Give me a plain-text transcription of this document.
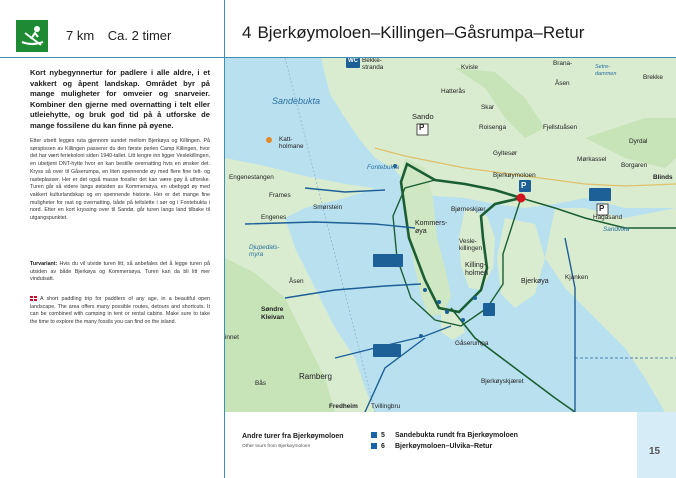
7 km Ca. 2 timer
Kort nybegynnertur for padlere i alle aldre, i et vakkert og åpent landskap. Området byr på mange muligheter for omveier og snarveier. Kombiner den gjerne med overnatting i telt eller utleiehytte, og bruk god tid på å utforske de mange fossilene du kan finne på øyene.
Etter utsett legges ruta gjennom sundet mellom Bjerkøya og Killingen. På sørspissen av Killingen passerer du den første perlen Camp Killingen, hvor det har vært feriekoloni siden 1940-tallet. Litt lengre inn ligger Veslekillingen, en ubetjent DNT-hytte hvor en kan bestille overnatting hvis en ønsker det. Kryss så over til Gåserumpa, en liten spennende øy med flere fine telt- og rasteplasser. Her er det også masse fossiler det kan være gøy å utforske. Turen går så videre langs østsiden av Kommersøya, en ubebygd øy med vakkert kulturlandskap og en spennende historie. Her er det mange fine muligheter for rast og overnatting, både på teltslette i sør og i Fontebukta i nord. Etter en kort kryssing over til Sandø, går turen langs land tilbake til utgangspunktet.
Turvariant: Hvis du vil utvide turen litt, så anbefales det å legge turen på utsiden av både Bjerkøya og Kommersøya. Turen kan da bli litt mer vindutsatt.
A short paddling trip for paddlers of any age, in a beautiful open landscape. The area offers many possible routes, detours and shortcuts. It can be combined with camping in tent or rental cabins. Make sure to take the time to explore the many fossils you can find on the island.
4 Bjerkøymoloen–Killingen–Gåsrumpa–Retur
WC Bekke-
stranda
Sandebukta
Kvisle
Brana-	Setre-
dammen	Brekke
Åsen
Hatterås
Skar
Sando
P
Katt-
holmane
Roisenga	Fjellstuåsen
Dyrdal
Gyltesør
Mørkassel
Borgaren
Blinds
Fontebukta
Engenestangen	Bjerkøymoloen
P
Frames
Smørstein
Hagasand
P
Engenes
Bjørneskjær
Sandvika
Kommers-
øya
Vesle-
killingen
Djupedals-
myra
Killing-
holmen
Kjanken
Bjerkøya
Åsen
Søndre
Kleivan
innet
Gåserumpa
Bjerkøyskjæret
Ramberg
Bås
Fredheim Tvillingbru
Andre turer fra Bjerkøymoloen
Other tours from Bjerkøymoloen
5 Sandebukta rundt fra Bjerkøymoloen
6 Bjerkøymoloen–Ulvika–Retur	15
